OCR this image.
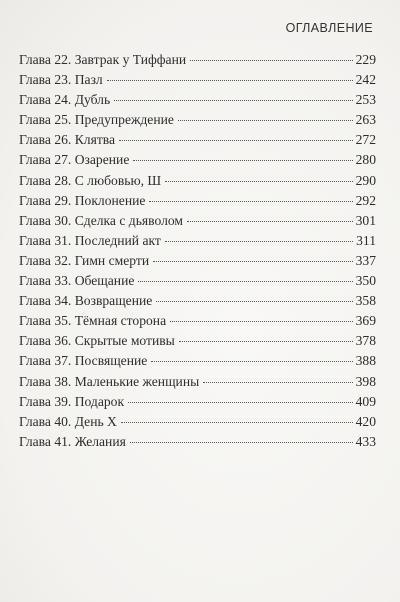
ОГЛАВЛЕНИЕ
Глава 22. Завтрак у Тиффани	229
Глава 23. Пазл	242
Глава 24. Дубль	253
Глава 25. Предупреждение	263
Глава 26. Клятва	272
Глава 27. Озарение	280
Глава 28. С любовью, Ш	290
Глава 29. Поклонение	292
Глава 30. Сделка с дьяволом	301
Глава 31. Последний акт	311
Глава 32. Гимн смерти	337
Глава 33. Обещание	350
Глава 34. Возвращение	358
Глава 35. Тёмная сторона	369
Глава 36. Скрытые мотивы	378
Глава 37. Посвящение	388
Глава 38. Маленькие женщины	398
Глава 39. Подарок	409
Глава 40. День Х	420
Глава 41. Желания	433
